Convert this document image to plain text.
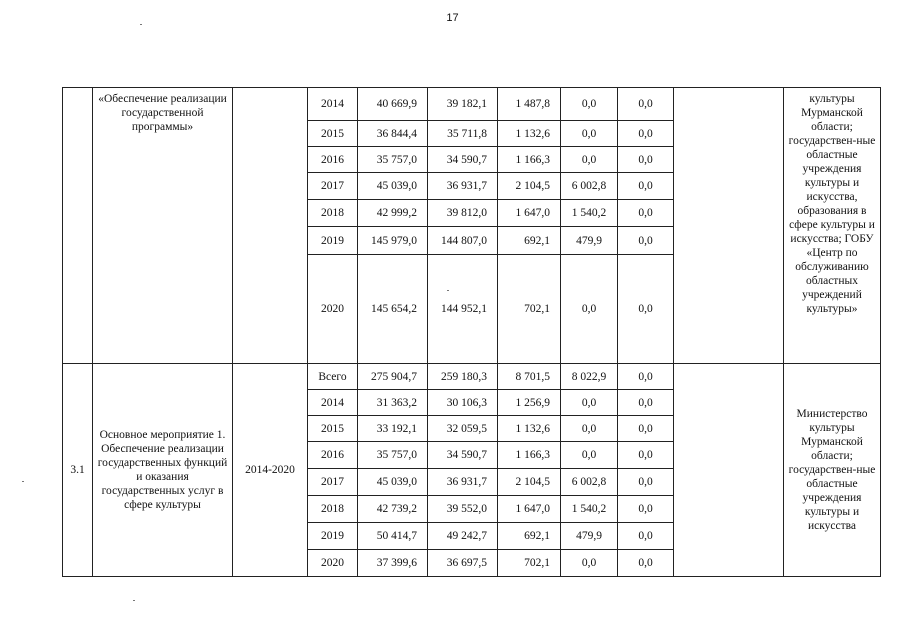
17
	«Обеспечение реализации государственной программы»		2014	40 669,9	39 182,1	1 487,8	0,0	0,0		культуры Мурманской области; государствен-ные областные учреждения культуры и искусства, образования в сфере культуры и искусства; ГОБУ «Центр по обслуживанию областных учреждений культуры»
			2015	36 844,4	35 711,8	1 132,6	0,0	0,0		
			2016	35 757,0	34 590,7	1 166,3	0,0	0,0		
			2017	45 039,0	36 931,7	2 104,5	6 002,8	0,0		
			2018	42 999,2	39 812,0	1 647,0	1 540,2	0,0		
			2019	145 979,0	144 807,0	692,1	479,9	0,0		
			2020	145 654,2	144 952,1	702,1	0,0	0,0		
3.1	Основное мероприятие 1. Обеспечение реализации государственных функций и оказания государственных услуг в сфере культуры	2014-2020	Всего	275 904,7	259 180,3	8 701,5	8 022,9	0,0		Министерство культуры Мурманской области; государствен-ные областные учреждения культуры и искусства
			2014	31 363,2	30 106,3	1 256,9	0,0	0,0		
			2015	33 192,1	32 059,5	1 132,6	0,0	0,0		
			2016	35 757,0	34 590,7	1 166,3	0,0	0,0		
			2017	45 039,0	36 931,7	2 104,5	6 002,8	0,0		
			2018	42 739,2	39 552,0	1 647,0	1 540,2	0,0		
			2019	50 414,7	49 242,7	692,1	479,9	0,0		
			2020	37 399,6	36 697,5	702,1	0,0	0,0		
